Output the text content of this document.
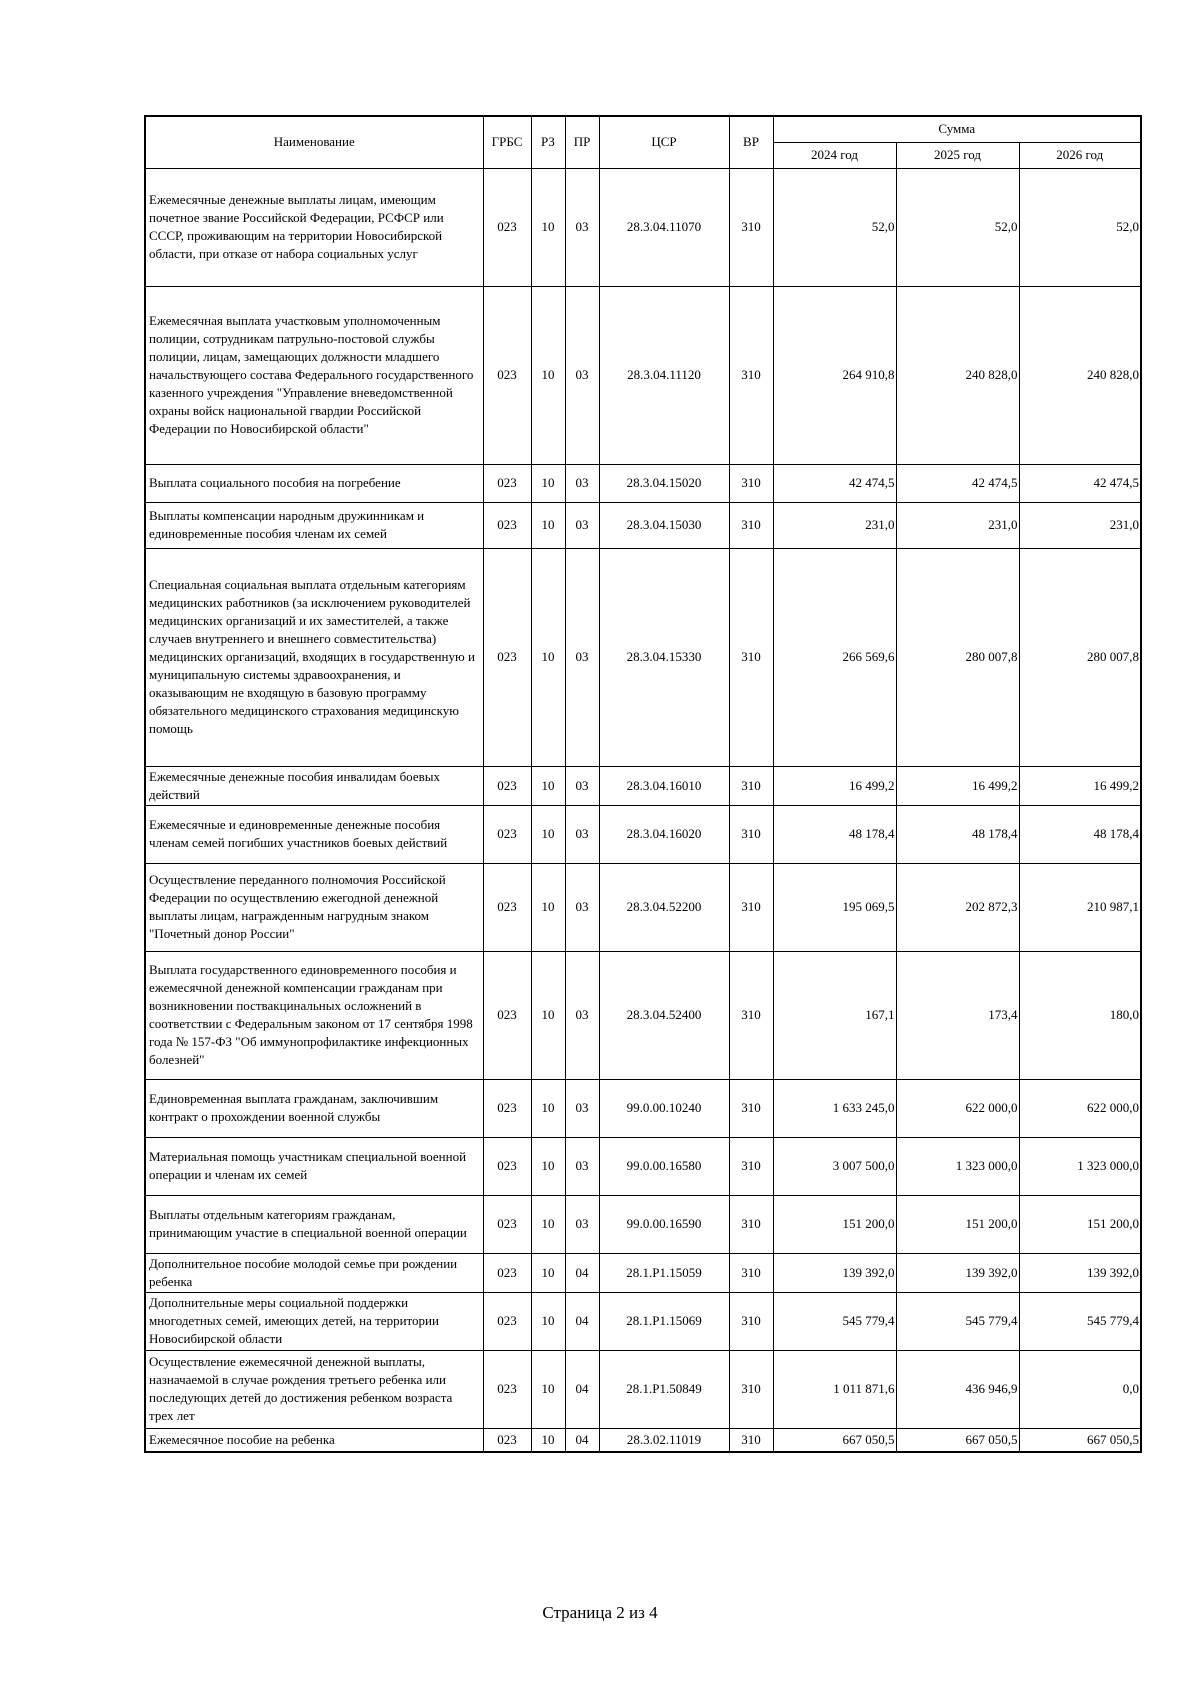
Наименование	ГРБС	РЗ	ПР	ЦСР	ВР	Сумма		
						2024 год	2025 год	2026 год
Ежемесячные денежные выплаты лицам, имеющим почетное звание Российской Федерации, РСФСР или СССР, проживающим на территории Новосибирской области, при отказе от набора социальных услуг	023	10	03	28.3.04.11070	310	52,0	52,0	52,0
Ежемесячная выплата участковым уполномоченным полиции, сотрудникам патрульно-постовой службы полиции, лицам, замещающих должности младшего начальствующего состава Федерального государственного казенного учреждения "Управление вневедомственной охраны войск национальной гвардии Российской Федерации по Новосибирской области"	023	10	03	28.3.04.11120	310	264 910,8	240 828,0	240 828,0
Выплата социального пособия на погребение	023	10	03	28.3.04.15020	310	42 474,5	42 474,5	42 474,5
Выплаты компенсации народным дружинникам и единовременные пособия членам их семей	023	10	03	28.3.04.15030	310	231,0	231,0	231,0
Специальная социальная выплата отдельным категориям медицинских работников (за исключением руководителей медицинских организаций и их заместителей, а также случаев внутреннего и внешнего совместительства) медицинских организаций, входящих в государственную и муниципальную системы здравоохранения, и оказывающим не входящую в базовую программу обязательного медицинского страхования медицинскую помощь	023	10	03	28.3.04.15330	310	266 569,6	280 007,8	280 007,8
Ежемесячные денежные пособия инвалидам боевых действий	023	10	03	28.3.04.16010	310	16 499,2	16 499,2	16 499,2
Ежемесячные и единовременные денежные пособия членам семей погибших участников боевых действий	023	10	03	28.3.04.16020	310	48 178,4	48 178,4	48 178,4
Осуществление переданного полномочия Российской Федерации по осуществлению ежегодной денежной выплаты лицам, награжденным нагрудным знаком "Почетный донор России"	023	10	03	28.3.04.52200	310	195 069,5	202 872,3	210 987,1
Выплата государственного единовременного пособия и ежемесячной денежной компенсации гражданам при возникновении поствакцинальных осложнений в соответствии с Федеральным законом от 17 сентября 1998 года № 157-ФЗ "Об иммунопрофилактике инфекционных болезней"	023	10	03	28.3.04.52400	310	167,1	173,4	180,0
Единовременная выплата гражданам, заключившим контракт о прохождении военной службы	023	10	03	99.0.00.10240	310	1 633 245,0	622 000,0	622 000,0
Материальная помощь участникам специальной военной операции и членам их семей	023	10	03	99.0.00.16580	310	3 007 500,0	1 323 000,0	1 323 000,0
Выплаты отдельным категориям гражданам, принимающим участие в специальной военной операции	023	10	03	99.0.00.16590	310	151 200,0	151 200,0	151 200,0
Дополнительное пособие молодой семье при рождении ребенка	023	10	04	28.1.Р1.15059	310	139 392,0	139 392,0	139 392,0
Дополнительные меры социальной поддержки многодетных семей, имеющих детей, на территории Новосибирской области	023	10	04	28.1.Р1.15069	310	545 779,4	545 779,4	545 779,4
Осуществление ежемесячной денежной выплаты, назначаемой в случае рождения третьего ребенка или последующих детей до достижения ребенком возраста трех лет	023	10	04	28.1.Р1.50849	310	1 011 871,6	436 946,9	0,0
Ежемесячное пособие на ребенка	023	10	04	28.3.02.11019	310	667 050,5	667 050,5	667 050,5
Страница 2 из 4
